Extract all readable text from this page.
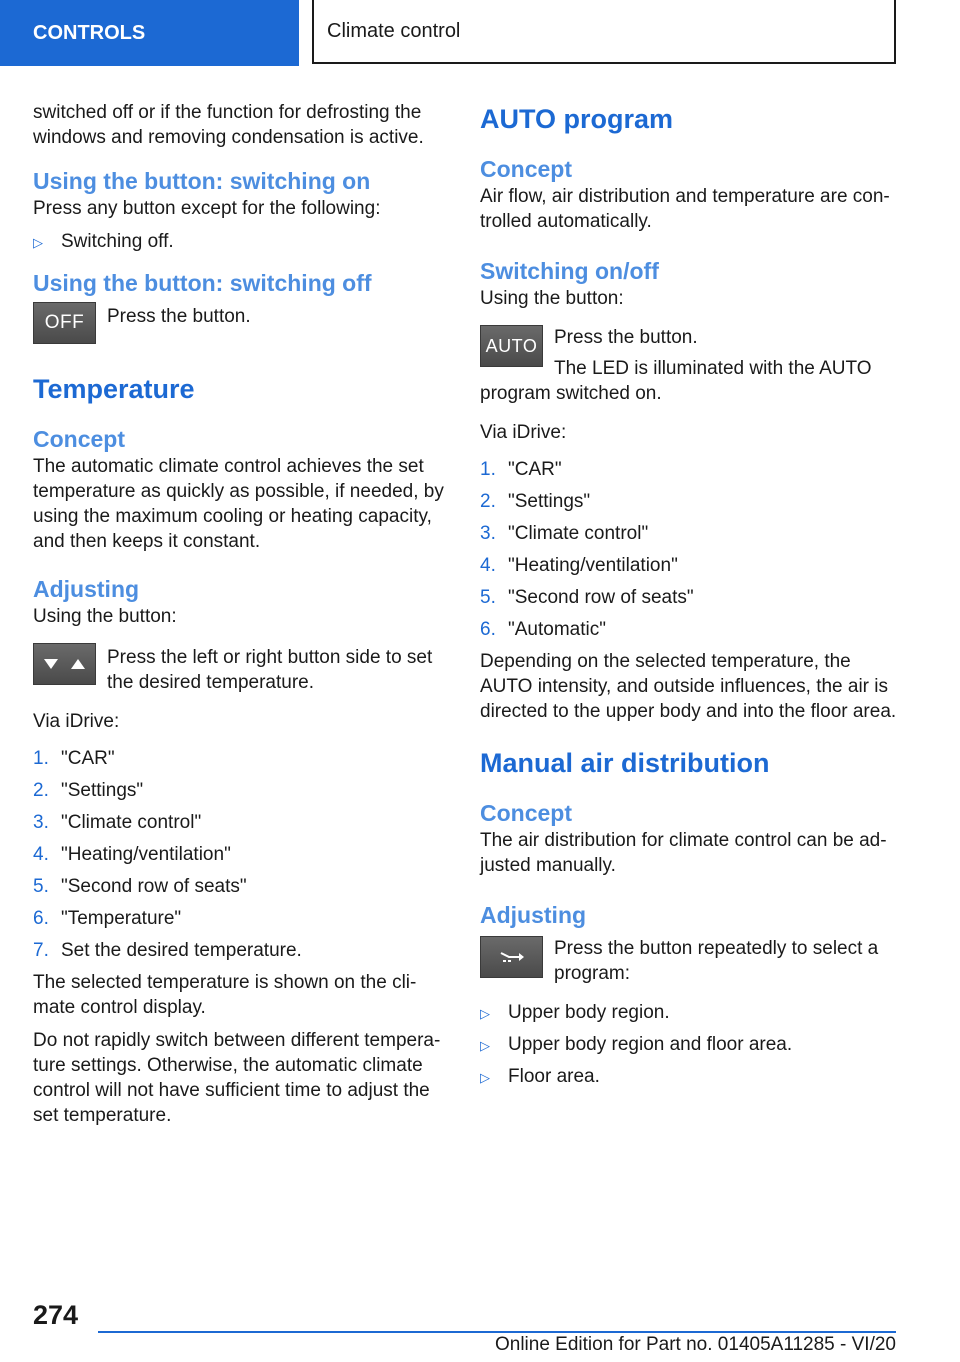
CONTROLS	Climate control

switched off or if the function for defrosting the windows and removing condensation is active.

Using the button: switching on

Press any button except for the following:

▷ Switching off.
Using the button: switching off
OFF Press the button.

Temperature
Concept

The automatic climate control achieves the set temperature as quickly as possible, if needed, by using the maximum cooling or heating capacity, and then keeps it constant.

Adjusting

Using the button:

Press the left or right button side to set the desired temperature.

Via iDrive:

1. "CAR"
2. "Settings"
3. "Climate control"
4. "Heating/ventilation"
5. "Second row of seats"
6. "Temperature"
7. Set the desired temperature.

The selected temperature is shown on the cli‐ mate control display.

Do not rapidly switch between different tempera‐ ture settings. Otherwise, the automatic climate control will not have sufficient time to adjust the set temperature.

AUTO program
Concept

Air flow, air distribution and temperature are con‐ trolled automatically.

Switching on/off

Using the button:

AUTO Press the button.

The LED is illuminated with the AUTO program switched on.

Via iDrive:

1. "CAR"
2. "Settings"
3. "Climate control"
4. "Heating/ventilation"
5. "Second row of seats"
6. "Automatic"

Depending on the selected temperature, the AUTO intensity, and outside influences, the air is directed to the upper body and into the floor area.

Manual air distribution
Concept

The air distribution for climate control can be ad‐ justed manually.

Adjusting

Press the button repeatedly to select a program:

▷ Upper body region.
▷ Upper body region and floor area.
▷ Floor area.
274
Online Edition for Part no. 01405A11285 - VI/20
